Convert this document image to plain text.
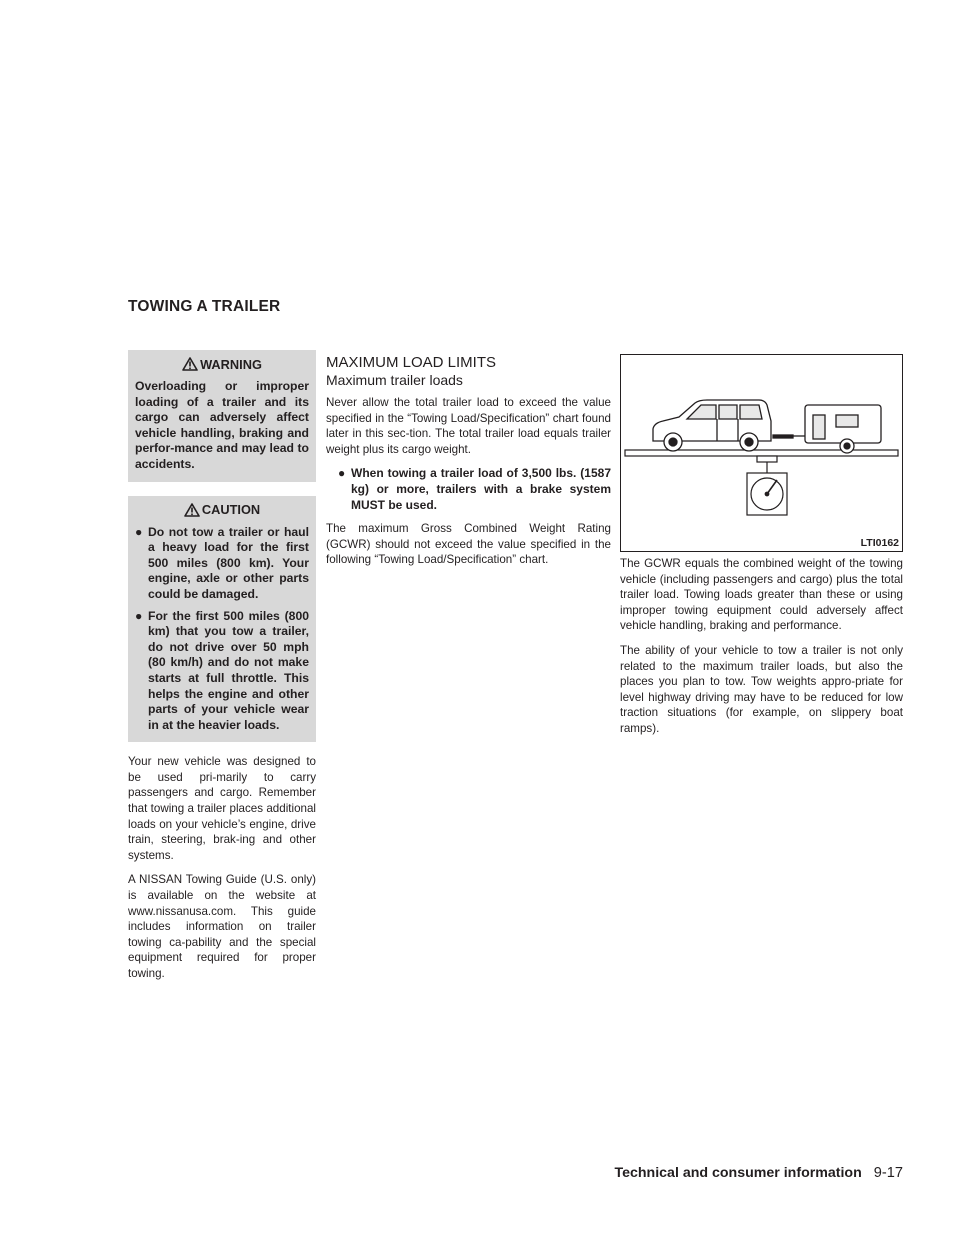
TOWING A TRAILER
WARNING

Overloading or improper loading of a trailer and its cargo can adversely affect vehicle handling, braking and perfor-mance and may lead to accidents.

CAUTION
● Do not tow a trailer or haul a heavy load for the first 500 miles (800 km). Your engine, axle or other parts could be damaged.
● For the first 500 miles (800 km) that you tow a trailer, do not drive over 50 mph (80 km/h) and do not make starts at full throttle. This helps the engine and other parts of your vehicle wear in at the heavier loads.

Your new vehicle was designed to be used pri-marily to carry passengers and cargo. Remember that towing a trailer places additional loads on your vehicle’s engine, drive train, steering, brak-ing and other systems.

A NISSAN Towing Guide (U.S. only) is available on the website at www.nissanusa.com. This guide includes information on trailer towing ca-pability and the special equipment required for proper towing.

MAXIMUM LOAD LIMITS
Maximum trailer loads

Never allow the total trailer load to exceed the value specified in the “Towing Load/Specification” chart found later in this sec-tion. The total trailer load equals trailer weight plus its cargo weight.

● When towing a trailer load of 3,500 lbs. (1587 kg) or more, trailers with a brake system MUST be used.

The maximum Gross Combined Weight Rating (GCWR) should not exceed the value specified in the following “Towing Load/Specification” chart.

LTI0162

The GCWR equals the combined weight of the towing vehicle (including passengers and cargo) plus the total trailer load. Towing loads greater than these or using improper towing equipment could adversely affect vehicle handling, braking and performance.

The ability of your vehicle to tow a trailer is not only related to the maximum trailer loads, but also the places you plan to tow. Tow weights appro-priate for level highway driving may have to be reduced for low traction situations (for example, on slippery boat ramps).

Technical and consumer information 9-17
